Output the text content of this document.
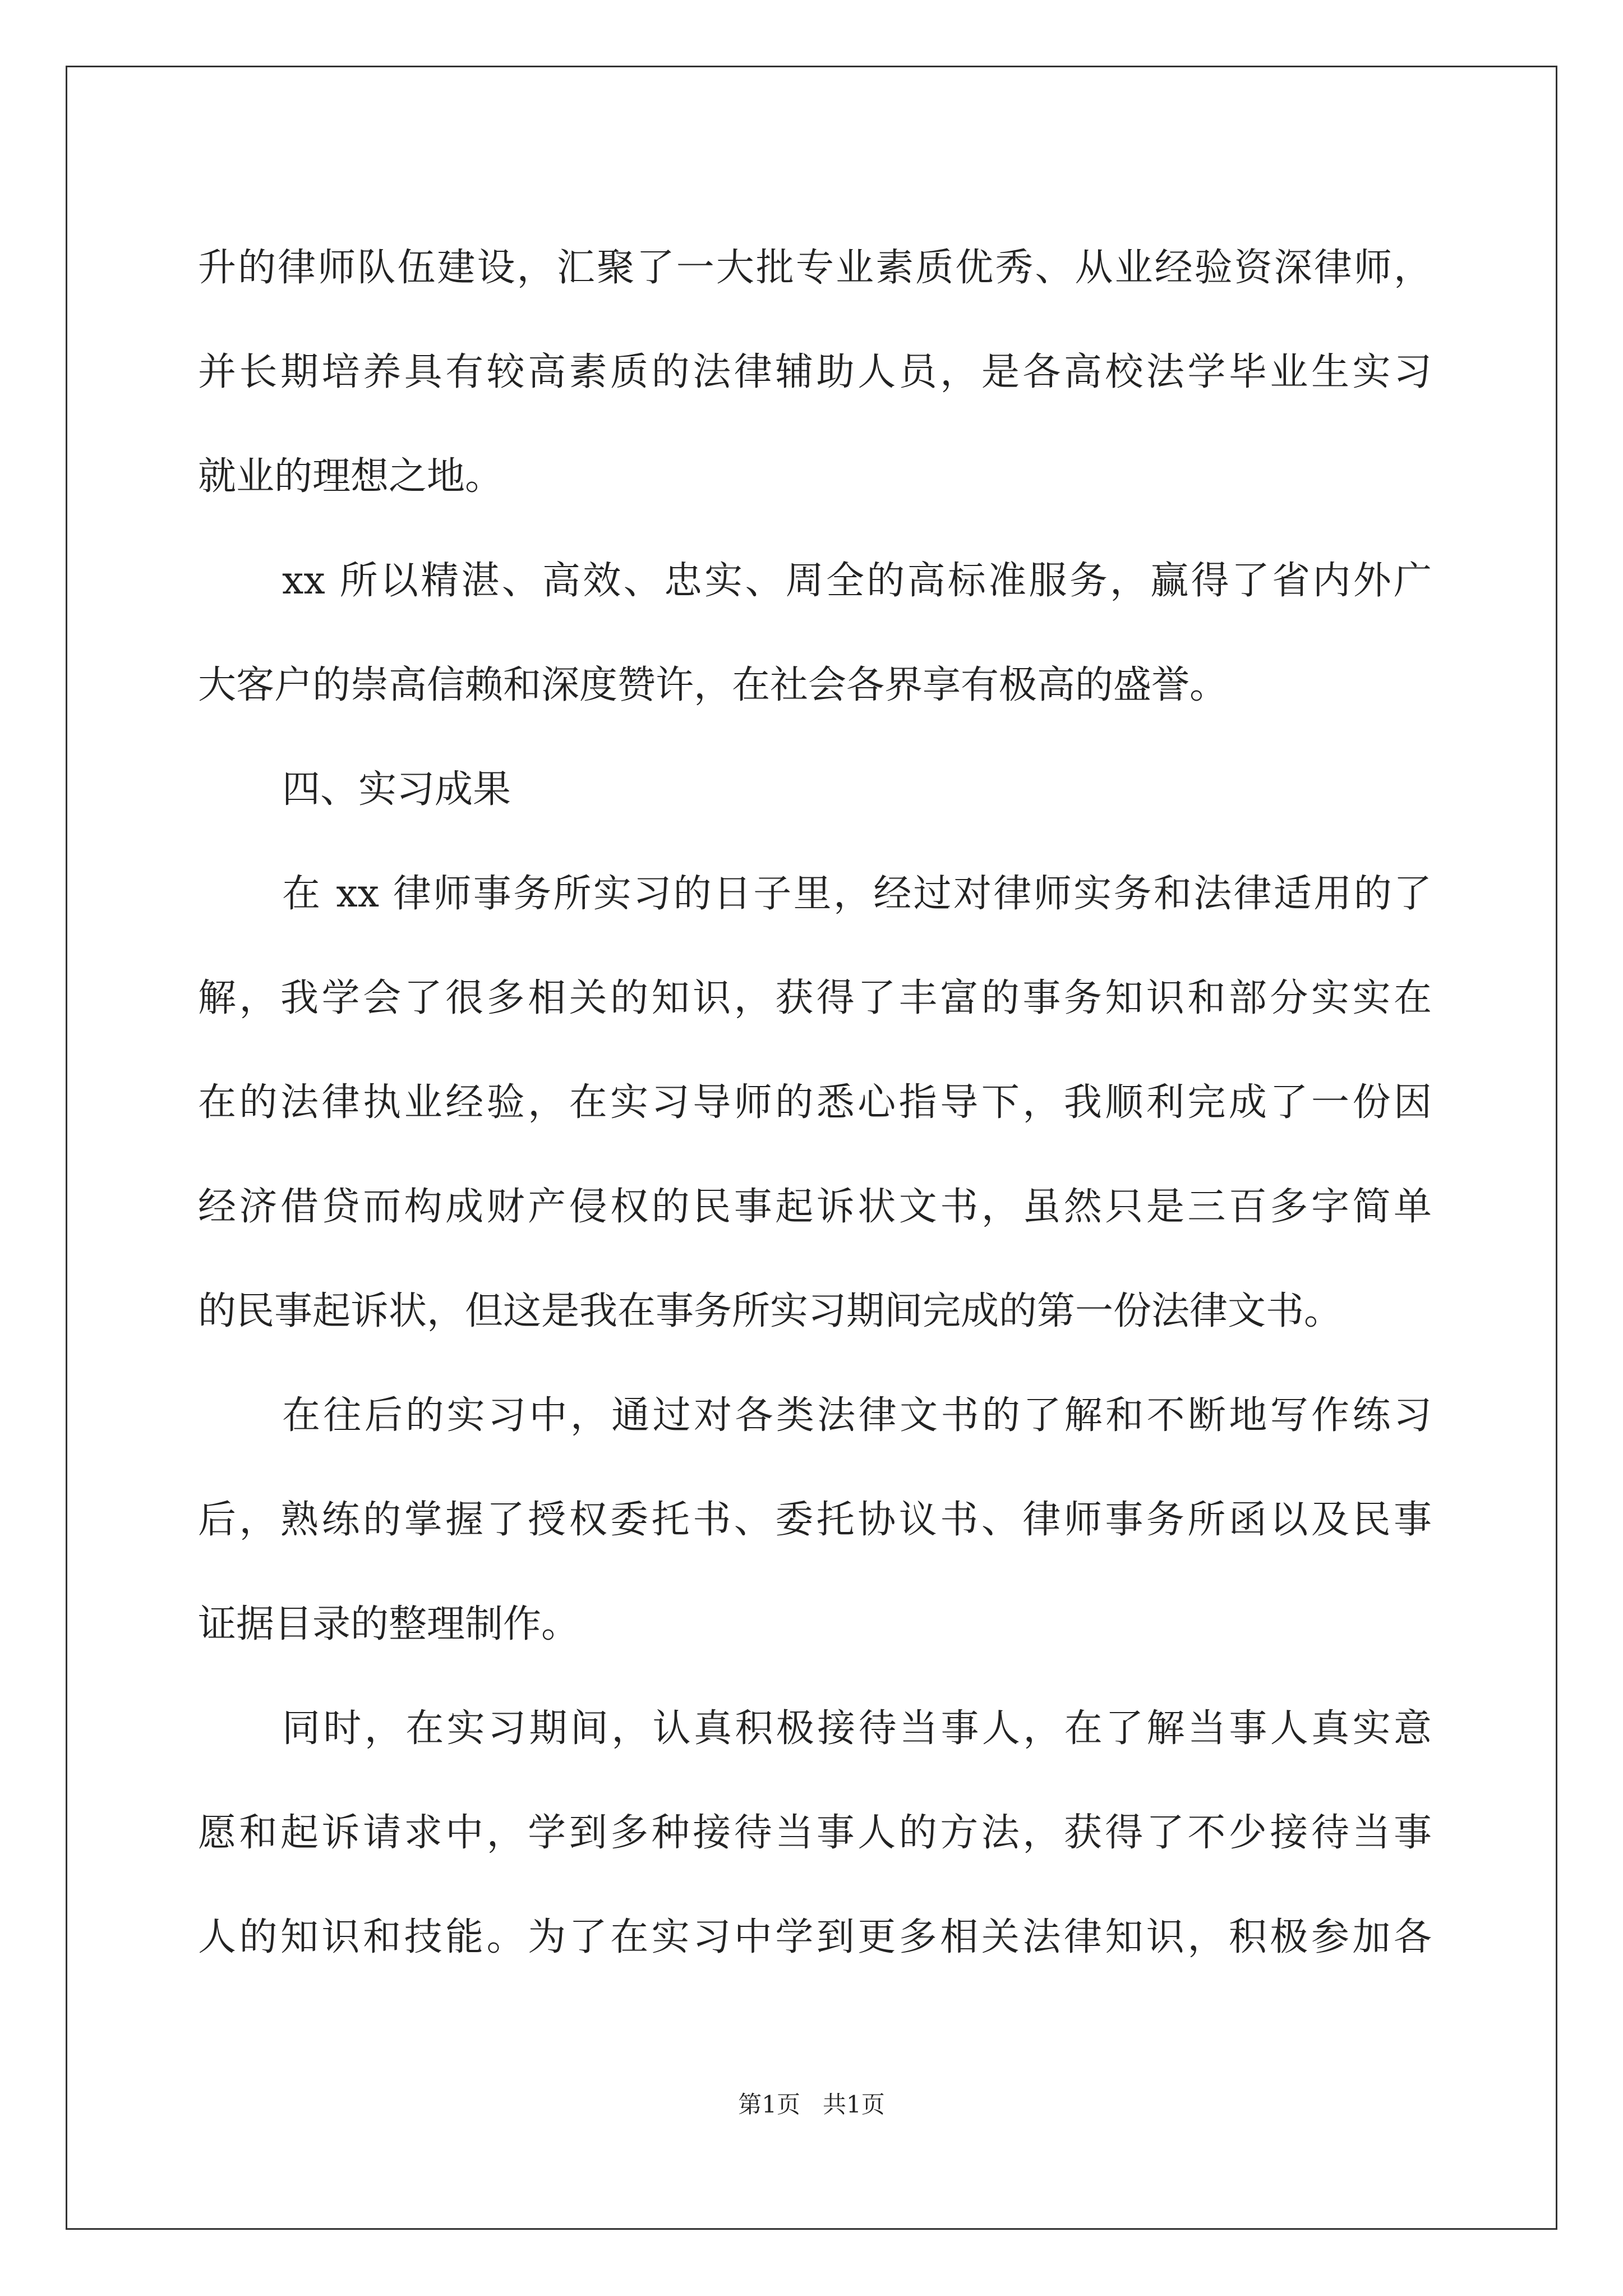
升的律师队伍建设，汇聚了一大批专业素质优秀、从业经验资深律师，
并长期培养具有较高素质的法律辅助人员，是各高校法学毕业生实习
就业的理想之地。
xx 所以精湛、高效、忠实、周全的高标准服务，赢得了省内外广
大客户的崇高信赖和深度赞许，在社会各界享有极高的盛誉。
四、实习成果
在 xx 律师事务所实习的日子里，经过对律师实务和法律适用的了
解，我学会了很多相关的知识，获得了丰富的事务知识和部分实实在
在的法律执业经验，在实习导师的悉心指导下，我顺利完成了一份因
经济借贷而构成财产侵权的民事起诉状文书，虽然只是三百多字简单
的民事起诉状，但这是我在事务所实习期间完成的第一份法律文书。
在往后的实习中，通过对各类法律文书的了解和不断地写作练习
后，熟练的掌握了授权委托书、委托协议书、律师事务所函以及民事
证据目录的整理制作。
同时，在实习期间，认真积极接待当事人，在了解当事人真实意
愿和起诉请求中，学到多种接待当事人的方法，获得了不少接待当事
人的知识和技能。为了在实习中学到更多相关法律知识，积极参加各
第1页   共1页
